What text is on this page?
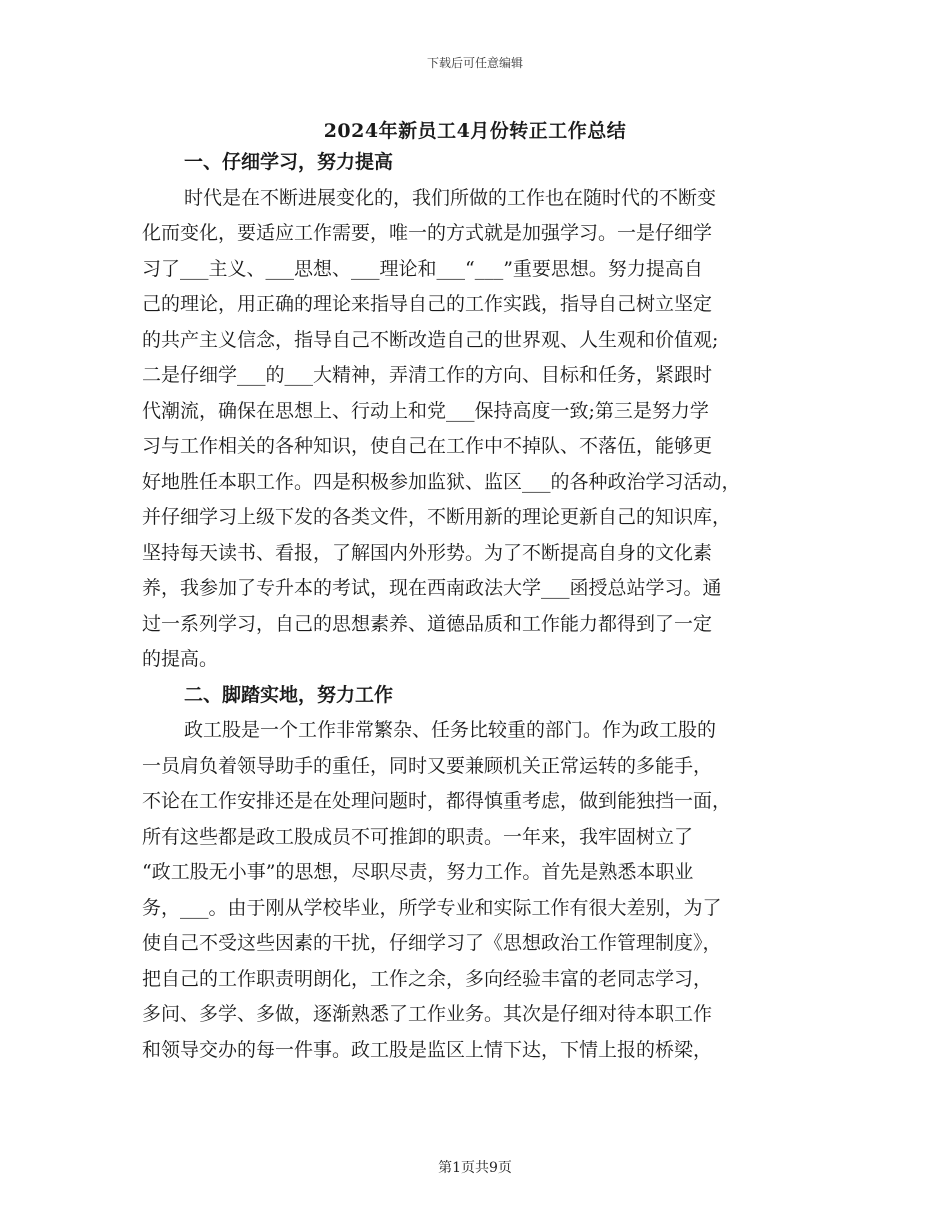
下载后可任意编辑
2024年新员工4月份转正工作总结
一、仔细学习，努力提高
时代是在不断进展变化的，我们所做的工作也在随时代的不断变
化而变化，要适应工作需要，唯一的方式就是加强学习。一是仔细学
习了___主义、___思想、___理论和___“___”重要思想。努力提高自
己的理论，用正确的理论来指导自己的工作实践，指导自己树立坚定
的共产主义信念，指导自己不断改造自己的世界观、人生观和价值观;
二是仔细学___的___大精神，弄清工作的方向、目标和任务，紧跟时
代潮流，确保在思想上、行动上和党___保持高度一致;第三是努力学
习与工作相关的各种知识，使自己在工作中不掉队、不落伍，能够更
好地胜任本职工作。四是积极参加监狱、监区___的各种政治学习活动，
并仔细学习上级下发的各类文件，不断用新的理论更新自己的知识库，
坚持每天读书、看报，了解国内外形势。为了不断提高自身的文化素
养，我参加了专升本的考试，现在西南政法大学___函授总站学习。通
过一系列学习，自己的思想素养、道德品质和工作能力都得到了一定
的提高。
二、脚踏实地，努力工作
政工股是一个工作非常繁杂、任务比较重的部门。作为政工股的
一员肩负着领导助手的重任，同时又要兼顾机关正常运转的多能手，
不论在工作安排还是在处理问题时，都得慎重考虑，做到能独挡一面，
所有这些都是政工股成员不可推卸的职责。一年来，我牢固树立了
“政工股无小事”的思想，尽职尽责，努力工作。首先是熟悉本职业
务，___。由于刚从学校毕业，所学专业和实际工作有很大差别，为了
使自己不受这些因素的干扰，仔细学习了《思想政治工作管理制度》，
把自己的工作职责明朗化，工作之余，多向经验丰富的老同志学习，
多问、多学、多做，逐渐熟悉了工作业务。其次是仔细对待本职工作
和领导交办的每一件事。政工股是监区上情下达，下情上报的桥梁，
第1页共9页
